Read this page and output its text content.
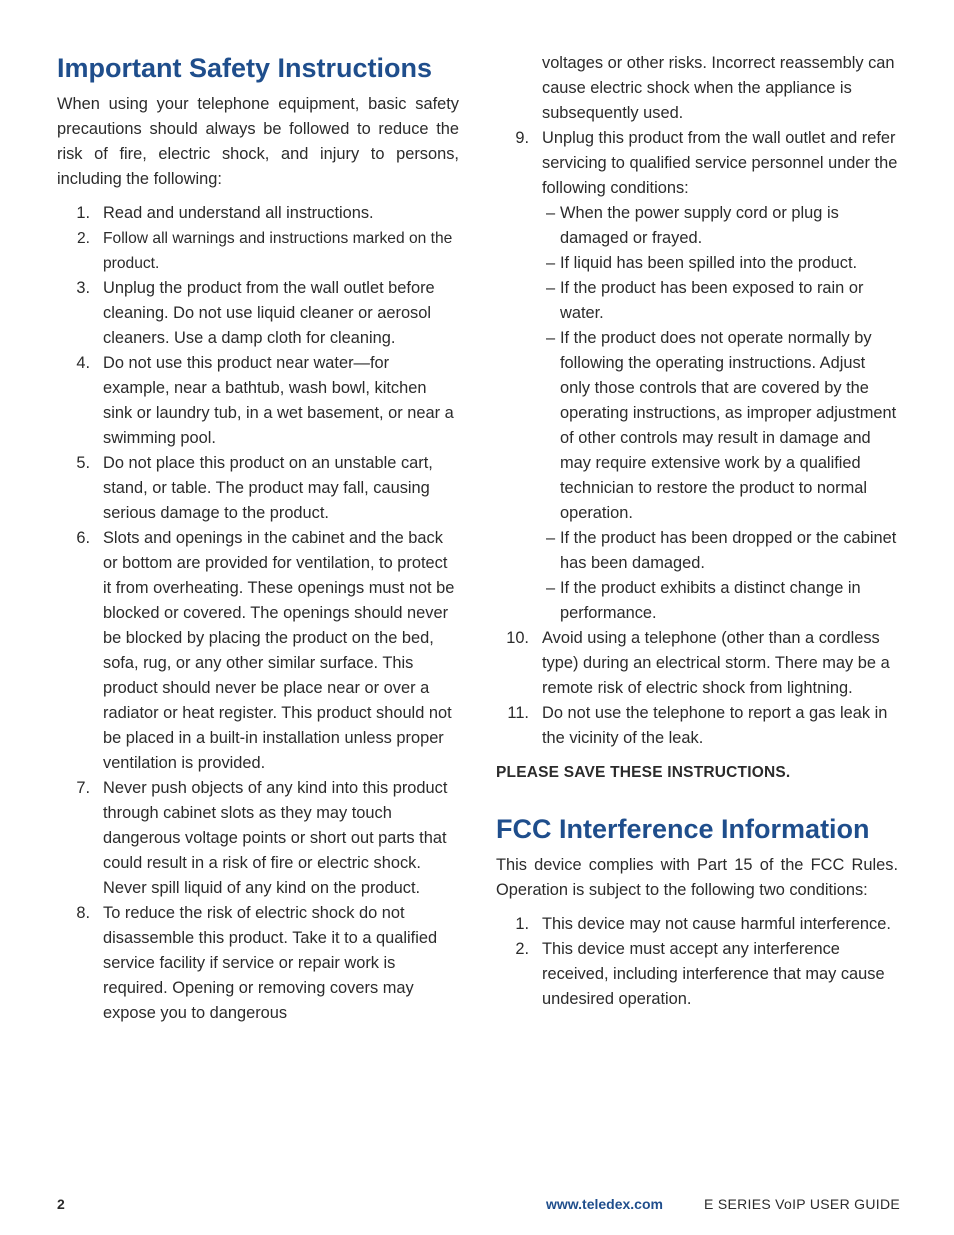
Important Safety Instructions

When using your telephone equipment, basic safety precautions should always be followed to reduce the risk of fire, electric shock, and injury to persons, including the following:

1. Read and understand all instructions.
2. Follow all warnings and instructions marked on the product.
3. Unplug the product from the wall outlet before cleaning. Do not use liquid cleaner or aerosol cleaners. Use a damp cloth for cleaning.
4. Do not use this product near water—for example, near a bathtub, wash bowl, kitchen sink or laundry tub, in a wet basement, or near a swimming pool.
5. Do not place this product on an unstable cart, stand, or table. The product may fall, causing serious damage to the product.
6. Slots and openings in the cabinet and the back or bottom are provided for ventilation, to protect it from overheating. These openings must not be blocked or covered. The openings should never be blocked by placing the product on the bed, sofa, rug, or any other similar surface. This product should never be place near or over a radiator or heat register. This product should not be placed in a built-in installation unless proper ventilation is provided.
7. Never push objects of any kind into this product through cabinet slots as they may touch dangerous voltage points or short out parts that could result in a risk of fire or electric shock. Never spill liquid of any kind on the product.
8. To reduce the risk of electric shock do not disassemble this product. Take it to a qualified service facility if service or repair work is required. Opening or removing covers may expose you to dangerous
voltages or other risks. Incorrect reassembly can cause electric shock when the appliance is subsequently used.
9. Unplug this product from the wall outlet and refer servicing to qualified service personnel under the following conditions:
– When the power supply cord or plug is damaged or frayed.
– If liquid has been spilled into the product.
– If the product has been exposed to rain or water.
– If the product does not operate normally by following the operating instructions. Adjust only those controls that are covered by the operating instructions, as improper adjustment of other controls may result in damage and may require extensive work by a qualified technician to restore the product to normal operation.
– If the product has been dropped or the cabinet has been damaged.
– If the product exhibits a distinct change in performance.
10. Avoid using a telephone (other than a cordless type) during an electrical storm. There may be a remote risk of electric shock from lightning.
11. Do not use the telephone to report a gas leak in the vicinity of the leak.

PLEASE SAVE THESE INSTRUCTIONS.

FCC Interference Information

This device complies with Part 15 of the FCC Rules. Operation is subject to the following two conditions:

1. This device may not cause harmful interference.
2. This device must accept any interference received, including interference that may cause undesired operation.
2	www.teledex.com	E SERIES VoIP USER GUIDE
